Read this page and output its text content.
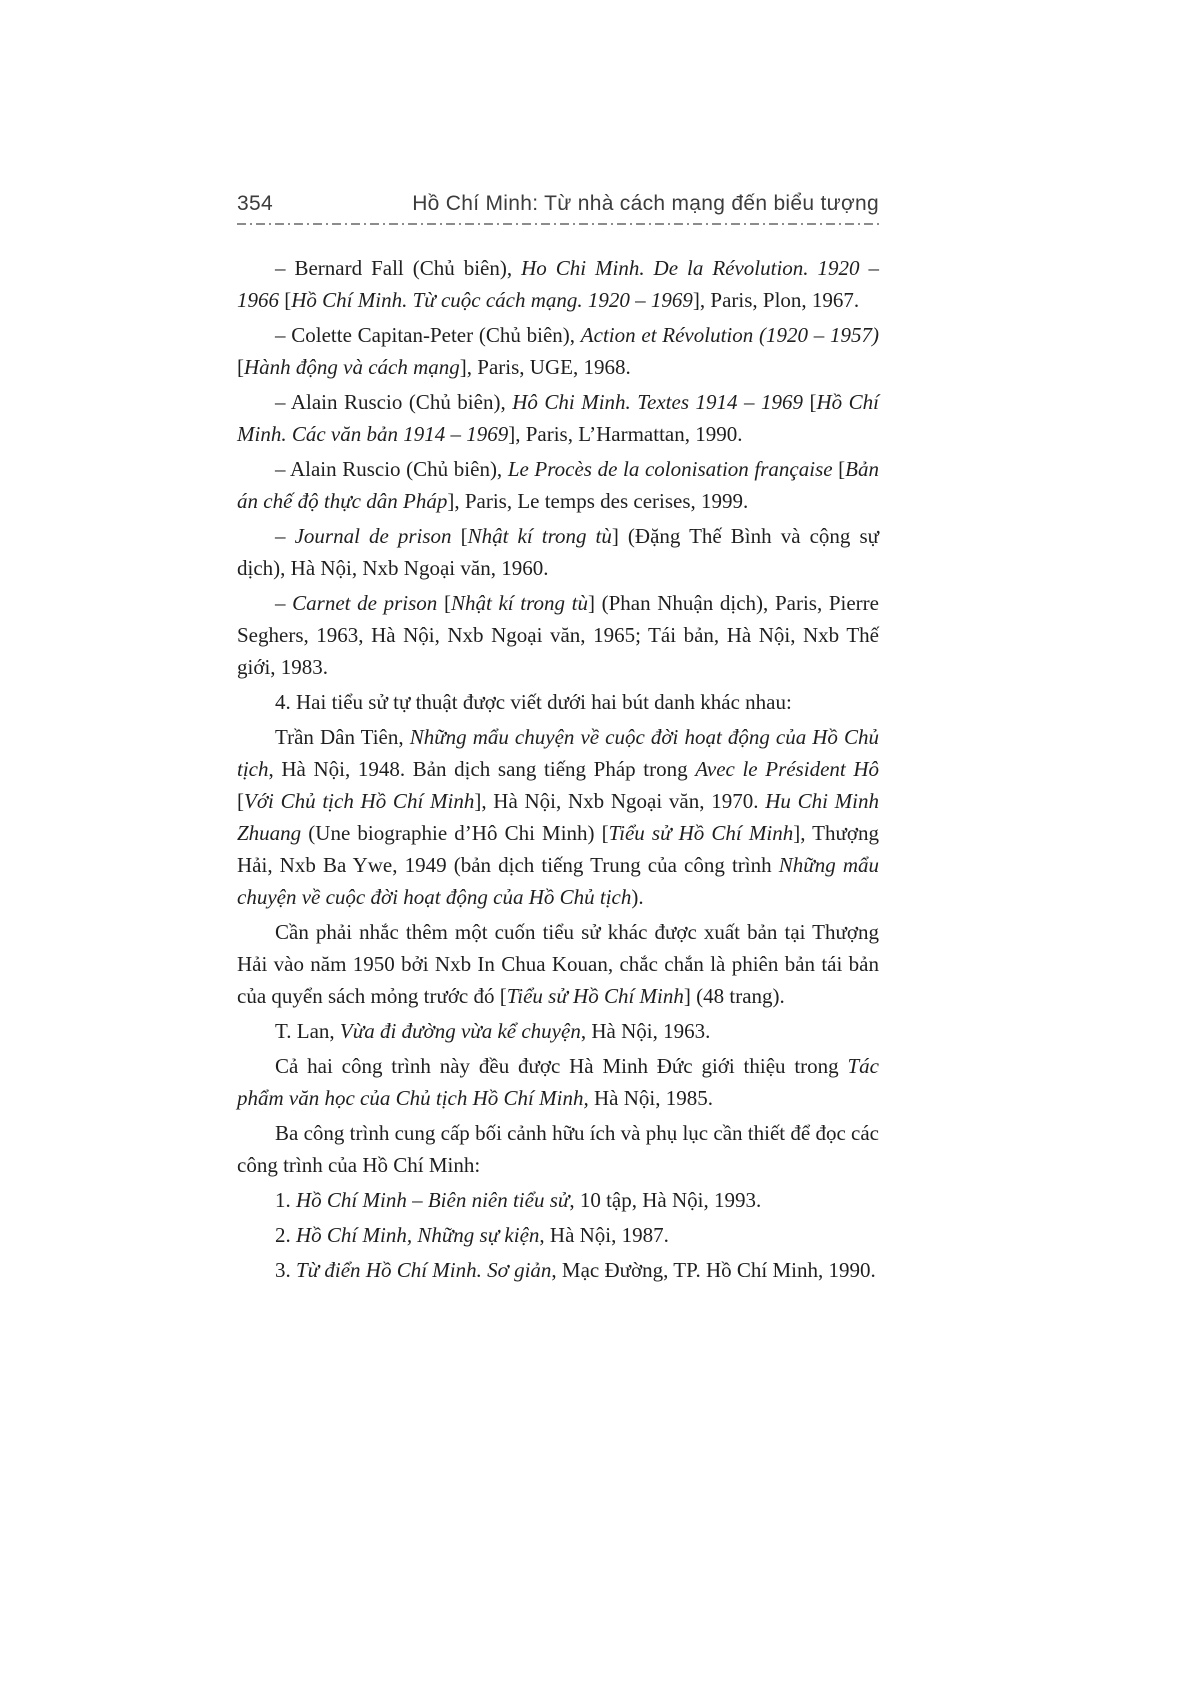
354	Hồ Chí Minh: Từ nhà cách mạng đến biểu tượng

– Bernard Fall (Chủ biên), Ho Chi Minh. De la Révolution. 1920 – 1966 [Hồ Chí Minh. Từ cuộc cách mạng. 1920 – 1969], Paris, Plon, 1967.

– Colette Capitan-Peter (Chủ biên), Action et Révolution (1920 – 1957) [Hành động và cách mạng], Paris, UGE, 1968.

– Alain Ruscio (Chủ biên), Hô Chi Minh. Textes 1914 – 1969 [Hồ Chí Minh. Các văn bản 1914 – 1969], Paris, L’Harmattan, 1990.

– Alain Ruscio (Chủ biên), Le Procès de la colonisation française [Bản án chế độ thực dân Pháp], Paris, Le temps des cerises, 1999.

– Journal de prison [Nhật kí trong tù] (Đặng Thế Bình và cộng sự dịch), Hà Nội, Nxb Ngoại văn, 1960.

– Carnet de prison [Nhật kí trong tù] (Phan Nhuận dịch), Paris, Pierre Seghers, 1963, Hà Nội, Nxb Ngoại văn, 1965; Tái bản, Hà Nội, Nxb Thế giới, 1983.

4. Hai tiểu sử tự thuật được viết dưới hai bút danh khác nhau:

Trần Dân Tiên, Những mẩu chuyện về cuộc đời hoạt động của Hồ Chủ tịch, Hà Nội, 1948. Bản dịch sang tiếng Pháp trong Avec le Président Hô [Với Chủ tịch Hồ Chí Minh], Hà Nội, Nxb Ngoại văn, 1970. Hu Chi Minh Zhuang (Une biographie d’Hô Chi Minh) [Tiểu sử Hồ Chí Minh], Thượng Hải, Nxb Ba Ywe, 1949 (bản dịch tiếng Trung của công trình Những mẩu chuyện về cuộc đời hoạt động của Hồ Chủ tịch).

Cần phải nhắc thêm một cuốn tiểu sử khác được xuất bản tại Thượng Hải vào năm 1950 bởi Nxb In Chua Kouan, chắc chắn là phiên bản tái bản của quyển sách mỏng trước đó [Tiểu sử Hồ Chí Minh] (48 trang).

T. Lan, Vừa đi đường vừa kể chuyện, Hà Nội, 1963.

Cả hai công trình này đều được Hà Minh Đức giới thiệu trong Tác phẩm văn học của Chủ tịch Hồ Chí Minh, Hà Nội, 1985.

Ba công trình cung cấp bối cảnh hữu ích và phụ lục cần thiết để đọc các công trình của Hồ Chí Minh:

1. Hồ Chí Minh – Biên niên tiểu sử, 10 tập, Hà Nội, 1993.

2. Hồ Chí Minh, Những sự kiện, Hà Nội, 1987.

3. Từ điển Hồ Chí Minh. Sơ giản, Mạc Đường, TP. Hồ Chí Minh, 1990.
